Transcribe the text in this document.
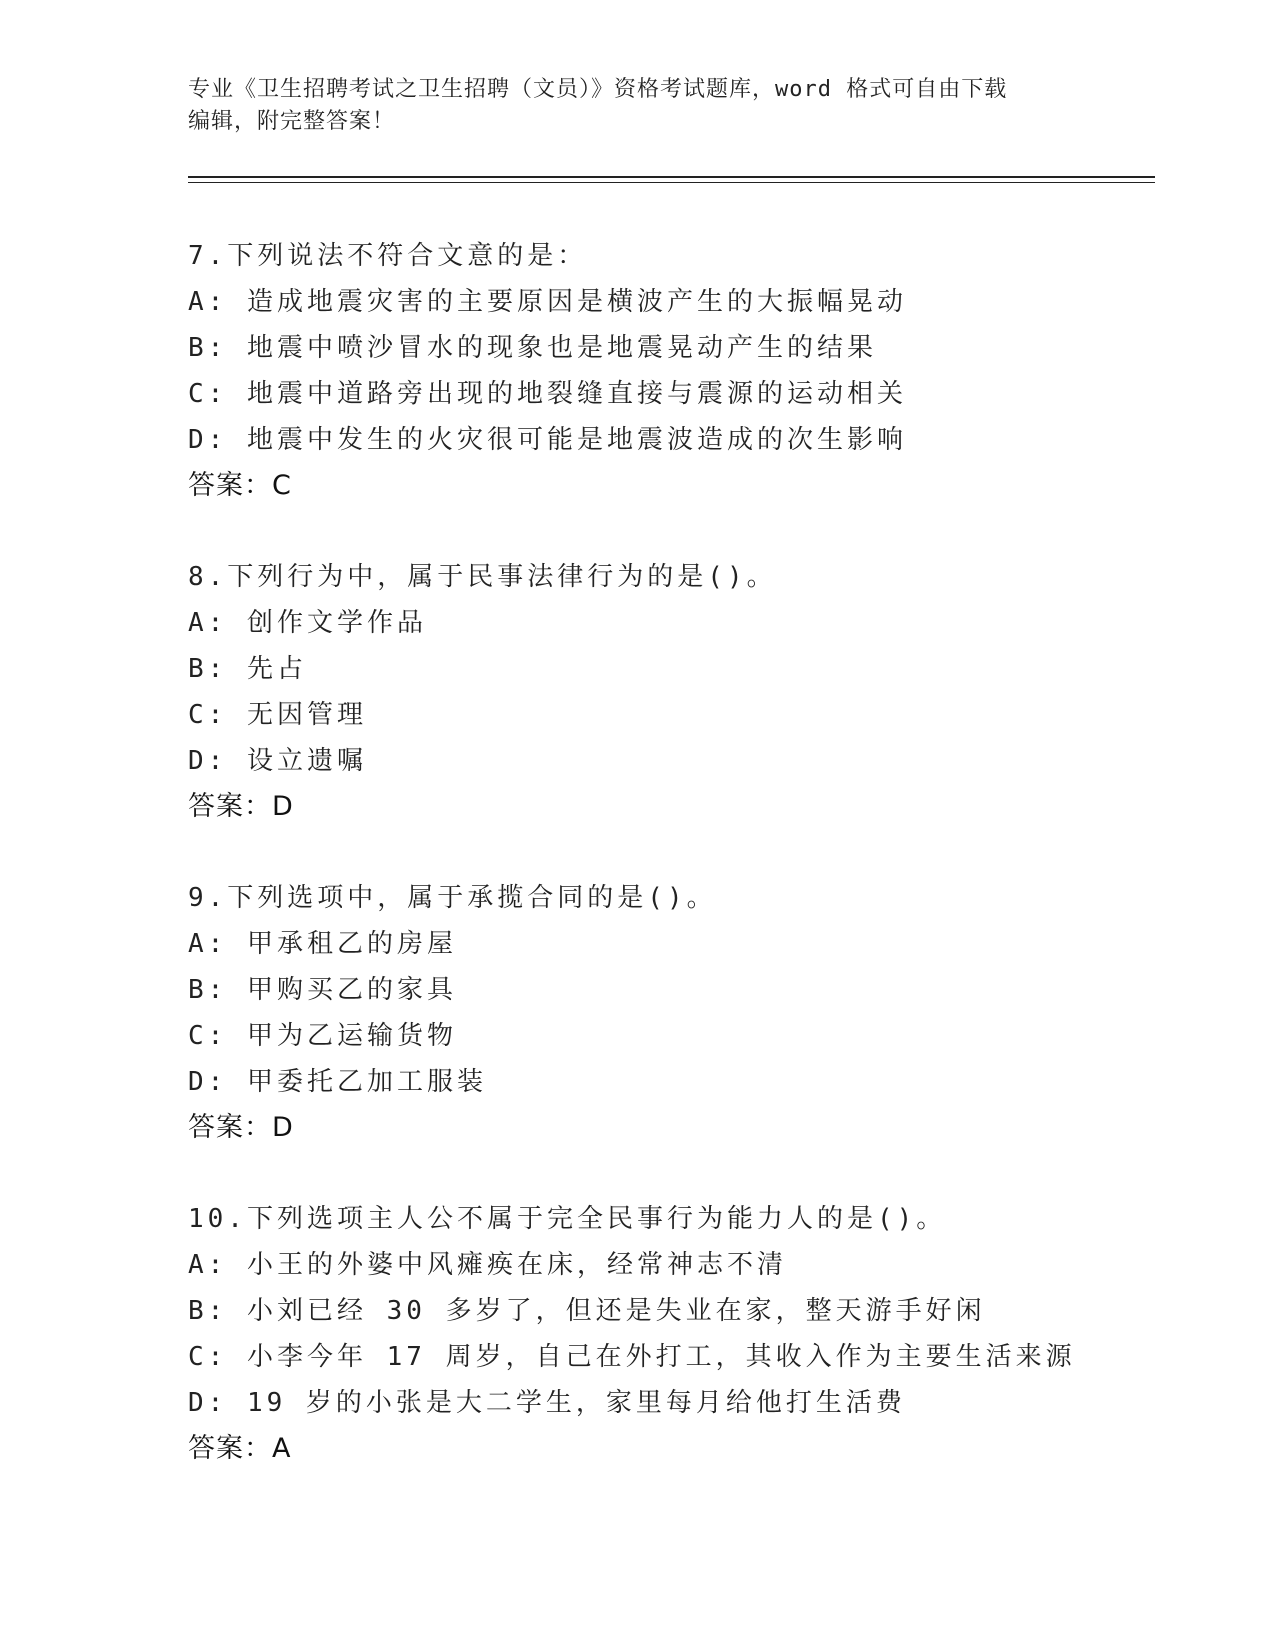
专业《卫生招聘考试之卫生招聘（文员）》资格考试题库，word 格式可自由下载
编辑，附完整答案！
7.下列说法不符合文意的是：
A: 造成地震灾害的主要原因是横波产生的大振幅晃动
B: 地震中喷沙冒水的现象也是地震晃动产生的结果
C: 地震中道路旁出现的地裂缝直接与震源的运动相关
D: 地震中发生的火灾很可能是地震波造成的次生影响
答案：C
8.下列行为中，属于民事法律行为的是()。
A: 创作文学作品
B: 先占
C: 无因管理
D: 设立遗嘱
答案：D
9.下列选项中，属于承揽合同的是()。
A: 甲承租乙的房屋
B: 甲购买乙的家具
C: 甲为乙运输货物
D: 甲委托乙加工服装
答案：D
10.下列选项主人公不属于完全民事行为能力人的是()。
A: 小王的外婆中风瘫痪在床，经常神志不清
B: 小刘已经 30 多岁了，但还是失业在家，整天游手好闲
C: 小李今年 17 周岁，自己在外打工，其收入作为主要生活来源
D: 19 岁的小张是大二学生，家里每月给他打生活费
答案：A
